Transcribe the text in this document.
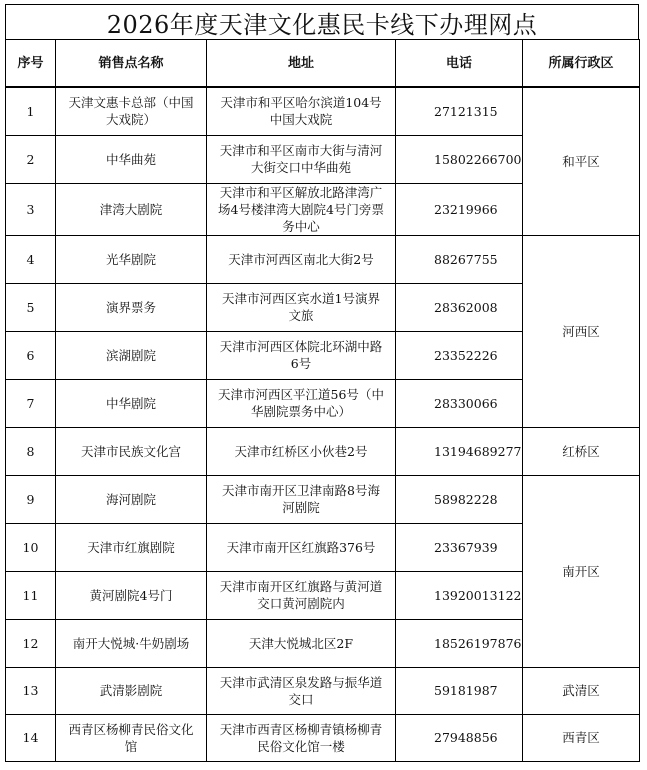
2026年度天津文化惠民卡线下办理网点
序号	销售点名称	地址	电话	所属行政区
1	天津文惠卡总部（中国大戏院）	天津市和平区哈尔滨道104号中国大戏院	27121315	和平区
2	中华曲苑	天津市和平区南市大街与清河大街交口中华曲苑	15802266700	
3	津湾大剧院	天津市和平区解放北路津湾广场4号楼津湾大剧院4号门旁票务中心	23219966	
4	光华剧院	天津市河西区南北大街2号	88267755	河西区
5	演界票务	天津市河西区宾水道1号演界文旅	28362008	
6	滨湖剧院	天津市河西区体院北环湖中路6号	23352226	
7	中华剧院	天津市河西区平江道56号（中华剧院票务中心）	28330066	
8	天津市民族文化宫	天津市红桥区小伙巷2号	13194689277	红桥区
9	海河剧院	天津市南开区卫津南路8号海河剧院	58982228	南开区
10	天津市红旗剧院	天津市南开区红旗路376号	23367939	
11	黄河剧院4号门	天津市南开区红旗路与黄河道交口黄河剧院内	13920013122	
12	南开大悦城·牛奶剧场	天津大悦城北区2F	18526197876	
13	武清影剧院	天津市武清区泉发路与振华道交口	59181987	武清区
14	西青区杨柳青民俗文化馆	天津市西青区杨柳青镇杨柳青民俗文化馆一楼	27948856	西青区
